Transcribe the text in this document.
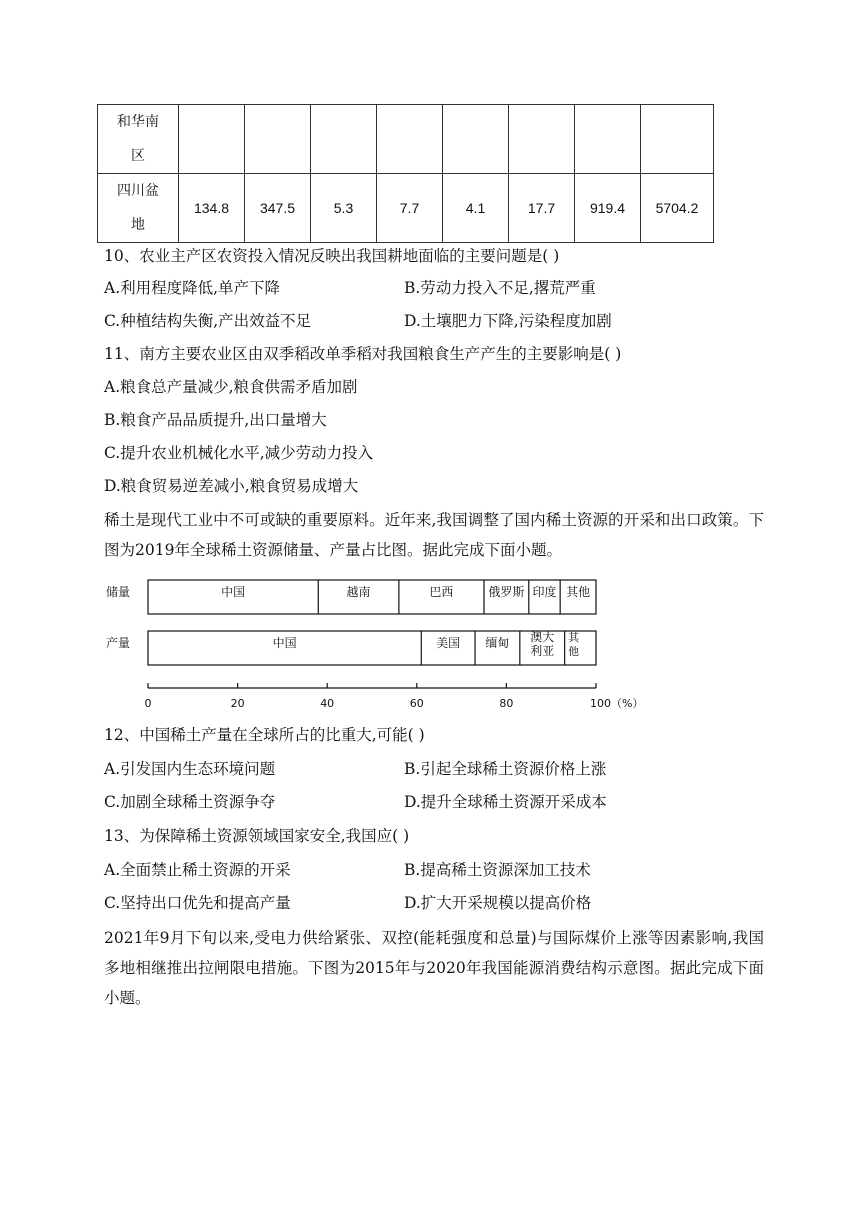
和华南
区								

四川盆
地	134.8	347.5	5.3	7.7	4.1	17.7	919.4	5704.2
10、农业主产区农资投入情况反映出我国耕地面临的主要问题是( )
A.利用程度降低,单产下降	B.劳动力投入不足,撂荒严重
C.种植结构失衡,产出效益不足	D.土壤肥力下降,污染程度加剧
11、南方主要农业区由双季稻改单季稻对我国粮食生产产生的主要影响是( )
A.粮食总产量减少,粮食供需矛盾加剧
B.粮食产品品质提升,出口量增大
C.提升农业机械化水平,减少劳动力投入
D.粮食贸易逆差减小,粮食贸易成增大
稀土是现代工业中不可或缺的重要原料。近年来,我国调整了国内稀土资源的开采和出口政策。下图为2019年全球稀土资源储量、产量占比图。据此完成下面小题。
储量	中国	越南	巴西	俄罗斯 印度 其他
产量	中国	美国 缅甸 澳大利亚
其他
0	20	40	60	80	100（%）
12、中国稀土产量在全球所占的比重大,可能( )
A.引发国内生态环境问题	B.引起全球稀土资源价格上涨
C.加剧全球稀土资源争夺	D.提升全球稀土资源开采成本
13、为保障稀土资源领域国家安全,我国应( )
A.全面禁止稀土资源的开采	B.提高稀土资源深加工技术
C.坚持出口优先和提高产量	D.扩大开采规模以提高价格
2021年9月下旬以来,受电力供给紧张、双控(能耗强度和总量)与国际煤价上涨等因素影响,我国多地相继推出拉闸限电措施。下图为2015年与2020年我国能源消费结构示意图。据此完成下面小题。
